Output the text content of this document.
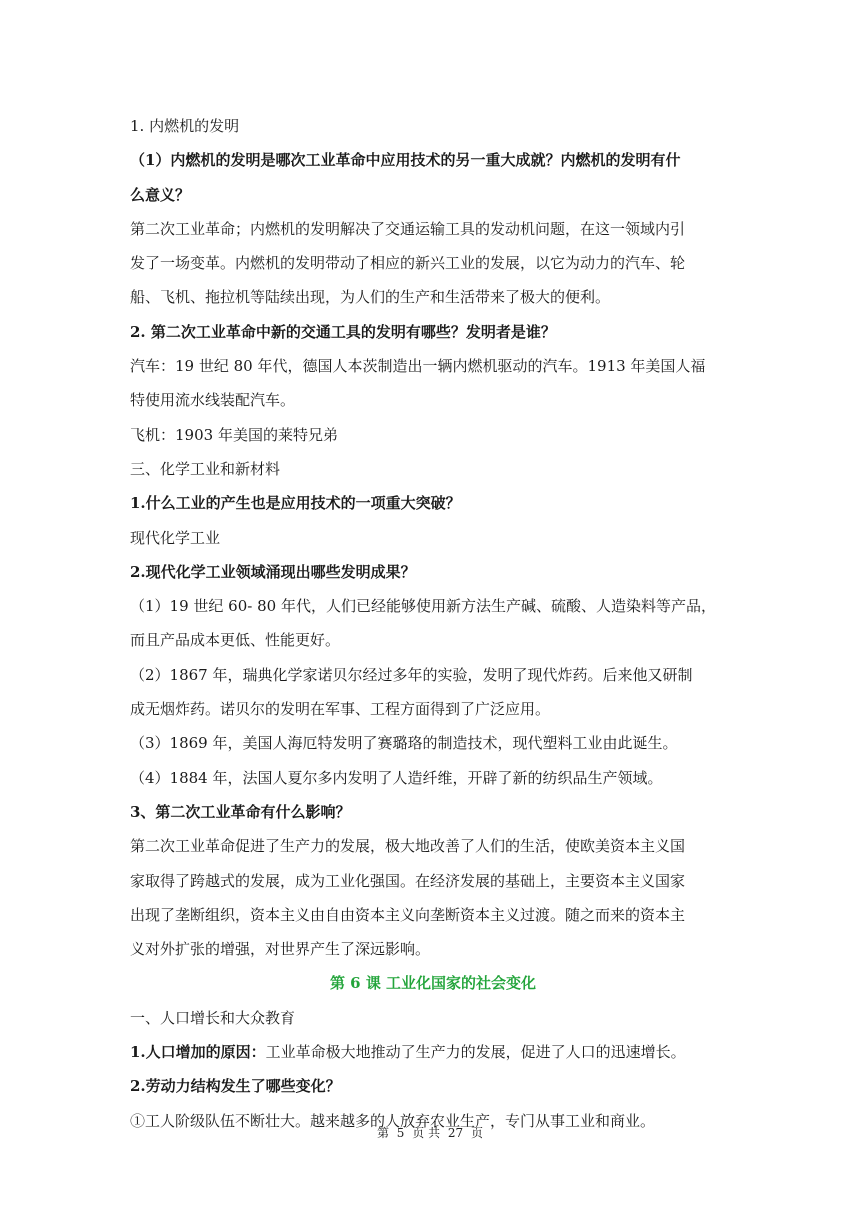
1. 内燃机的发明
（1）内燃机的发明是哪次工业革命中应用技术的另一重大成就？内燃机的发明有什
么意义？
第二次工业革命；内燃机的发明解决了交通运输工具的发动机问题，在这一领域内引
发了一场变革。内燃机的发明带动了相应的新兴工业的发展，以它为动力的汽车、轮
船、飞机、拖拉机等陆续出现，为人们的生产和生活带来了极大的便利。
2. 第二次工业革命中新的交通工具的发明有哪些？发明者是谁？
汽车：19 世纪 80 年代，德国人本茨制造出一辆内燃机驱动的汽车。1913 年美国人福
特使用流水线装配汽车。
飞机：1903 年美国的莱特兄弟
三、化学工业和新材料
1.什么工业的产生也是应用技术的一项重大突破？
现代化学工业
2.现代化学工业领域涌现出哪些发明成果？
（1）19 世纪 60- 80 年代，人们已经能够使用新方法生产碱、硫酸、人造染料等产品，
而且产品成本更低、性能更好。
（2）1867 年，瑞典化学家诺贝尔经过多年的实验，发明了现代炸药。后来他又研制
成无烟炸药。诺贝尔的发明在军事、工程方面得到了广泛应用。
（3）1869 年，美国人海厄特发明了赛璐珞的制造技术，现代塑料工业由此诞生。
（4）1884 年，法国人夏尔多内发明了人造纤维，开辟了新的纺织品生产领域。
3、第二次工业革命有什么影响？
第二次工业革命促进了生产力的发展，极大地改善了人们的生活，使欧美资本主义国
家取得了跨越式的发展，成为工业化强国。在经济发展的基础上，主要资本主义国家
出现了垄断组织，资本主义由自由资本主义向垄断资本主义过渡。随之而来的资本主
义对外扩张的增强，对世界产生了深远影响。
第 6 课 工业化国家的社会变化
一、人口增长和大众教育
1.人口增加的原因：工业革命极大地推动了生产力的发展，促进了人口的迅速增长。
2.劳动力结构发生了哪些变化？
①工人阶级队伍不断壮大。越来越多的人放弃农业生产，专门从事工业和商业。
第 5 页 共 27 页
